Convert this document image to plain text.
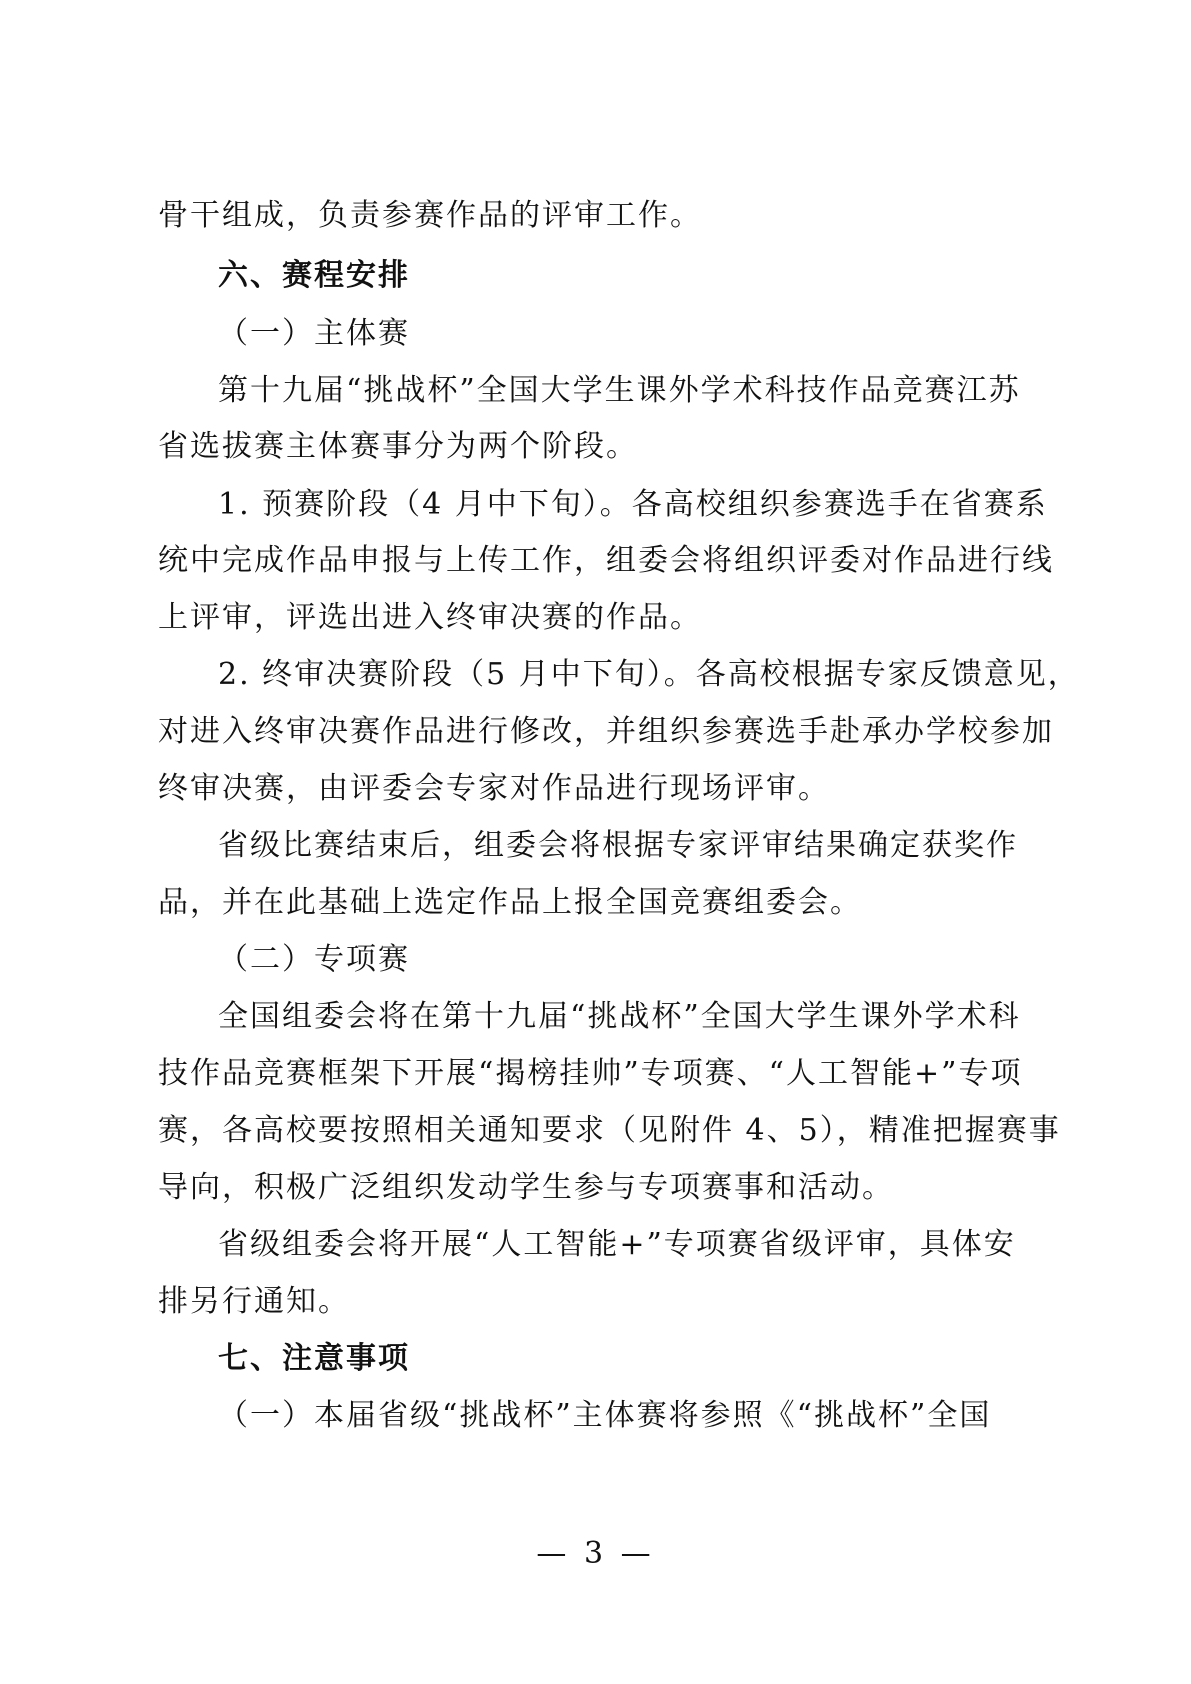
骨干组成，负责参赛作品的评审工作。
六、赛程安排
（一）主体赛
第十九届“挑战杯”全国大学生课外学术科技作品竞赛江苏
省选拔赛主体赛事分为两个阶段。
1. 预赛阶段（4 月中下旬）。各高校组织参赛选手在省赛系
统中完成作品申报与上传工作，组委会将组织评委对作品进行线
上评审，评选出进入终审决赛的作品。
2. 终审决赛阶段（5 月中下旬）。各高校根据专家反馈意见，
对进入终审决赛作品进行修改，并组织参赛选手赴承办学校参加
终审决赛，由评委会专家对作品进行现场评审。
省级比赛结束后，组委会将根据专家评审结果确定获奖作
品，并在此基础上选定作品上报全国竞赛组委会。
（二）专项赛
全国组委会将在第十九届“挑战杯”全国大学生课外学术科
技作品竞赛框架下开展“揭榜挂帅”专项赛、“人工智能+”专项
赛，各高校要按照相关通知要求（见附件 4、5），精准把握赛事
导向，积极广泛组织发动学生参与专项赛事和活动。
省级组委会将开展“人工智能+”专项赛省级评审，具体安
排另行通知。
七、注意事项
（一）本届省级“挑战杯”主体赛将参照《“挑战杯”全国
— 3 —
